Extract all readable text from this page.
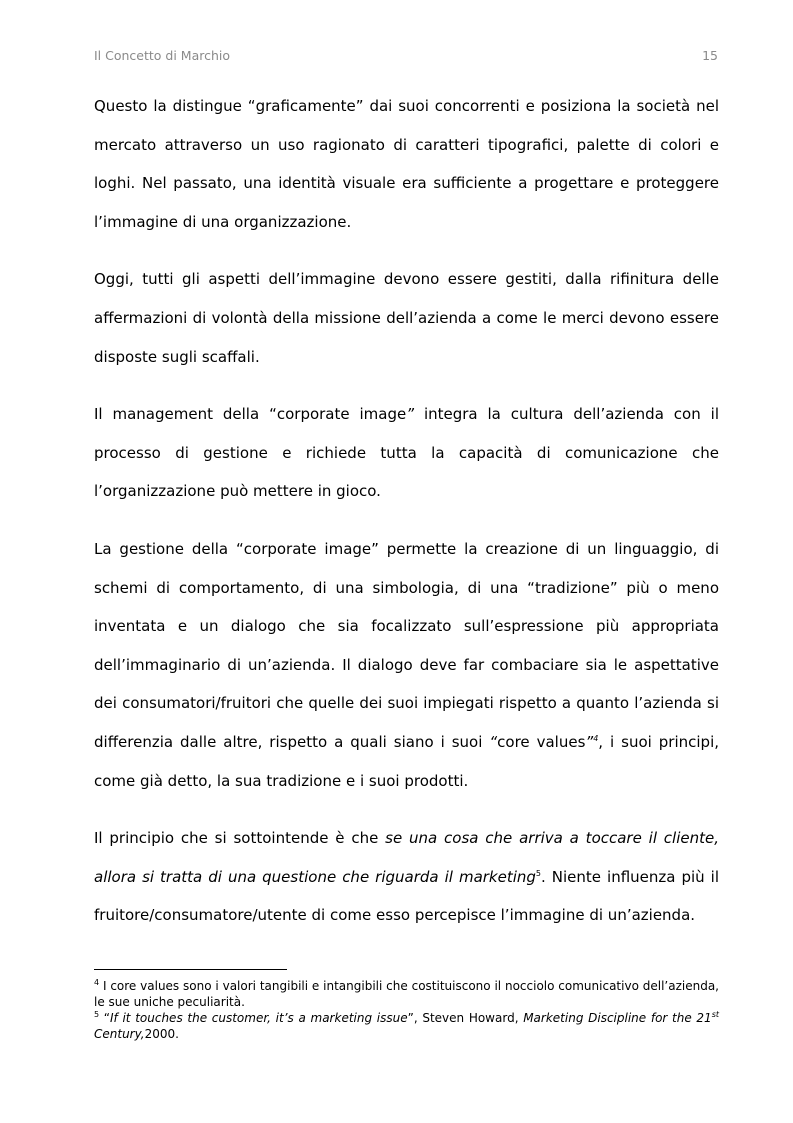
Il Concetto di Marchio	15

Questo la distingue “graficamente” dai suoi concorrenti e posiziona la società nel mercato attraverso un uso ragionato di caratteri tipografici, palette di colori e loghi. Nel passato, una identità visuale era sufficiente a progettare e proteggere l’immagine di una organizzazione.

Oggi, tutti gli aspetti dell’immagine devono essere gestiti, dalla rifinitura delle affermazioni di volontà della missione dell’azienda a come le merci devono essere disposte sugli scaffali.

Il management della “corporate image” integra la cultura dell’azienda con il processo di gestione e richiede tutta la capacità di comunicazione che l’organizzazione può mettere in gioco.

La gestione della “corporate image” permette la creazione di un linguaggio, di schemi di comportamento, di una simbologia, di una “tradizione” più o meno inventata e un dialogo che sia focalizzato sull’espressione più appropriata dell’immaginario di un’azienda. Il dialogo deve far combaciare sia le aspettative dei consumatori/fruitori che quelle dei suoi impiegati rispetto a quanto l’azienda si differenzia dalle altre, rispetto a quali siano i suoi “core values”$^4$, i suoi principi, come già detto, la sua tradizione e i suoi prodotti.

Il principio che si sottointende è che se una cosa che arriva a toccare il cliente, allora si tratta di una questione che riguarda il marketing$^5$. Niente influenza più il fruitore/consumatore/utente di come esso percepisce l’immagine di un’azienda.

$^4$ I core values sono i valori tangibili e intangibili che costituiscono il nocciolo comunicativo dell’azienda, le sue uniche peculiarità.

$^5$ “If it touches the customer, it’s a marketing issue”, Steven Howard, Marketing Discipline for the 21st Century,2000.
